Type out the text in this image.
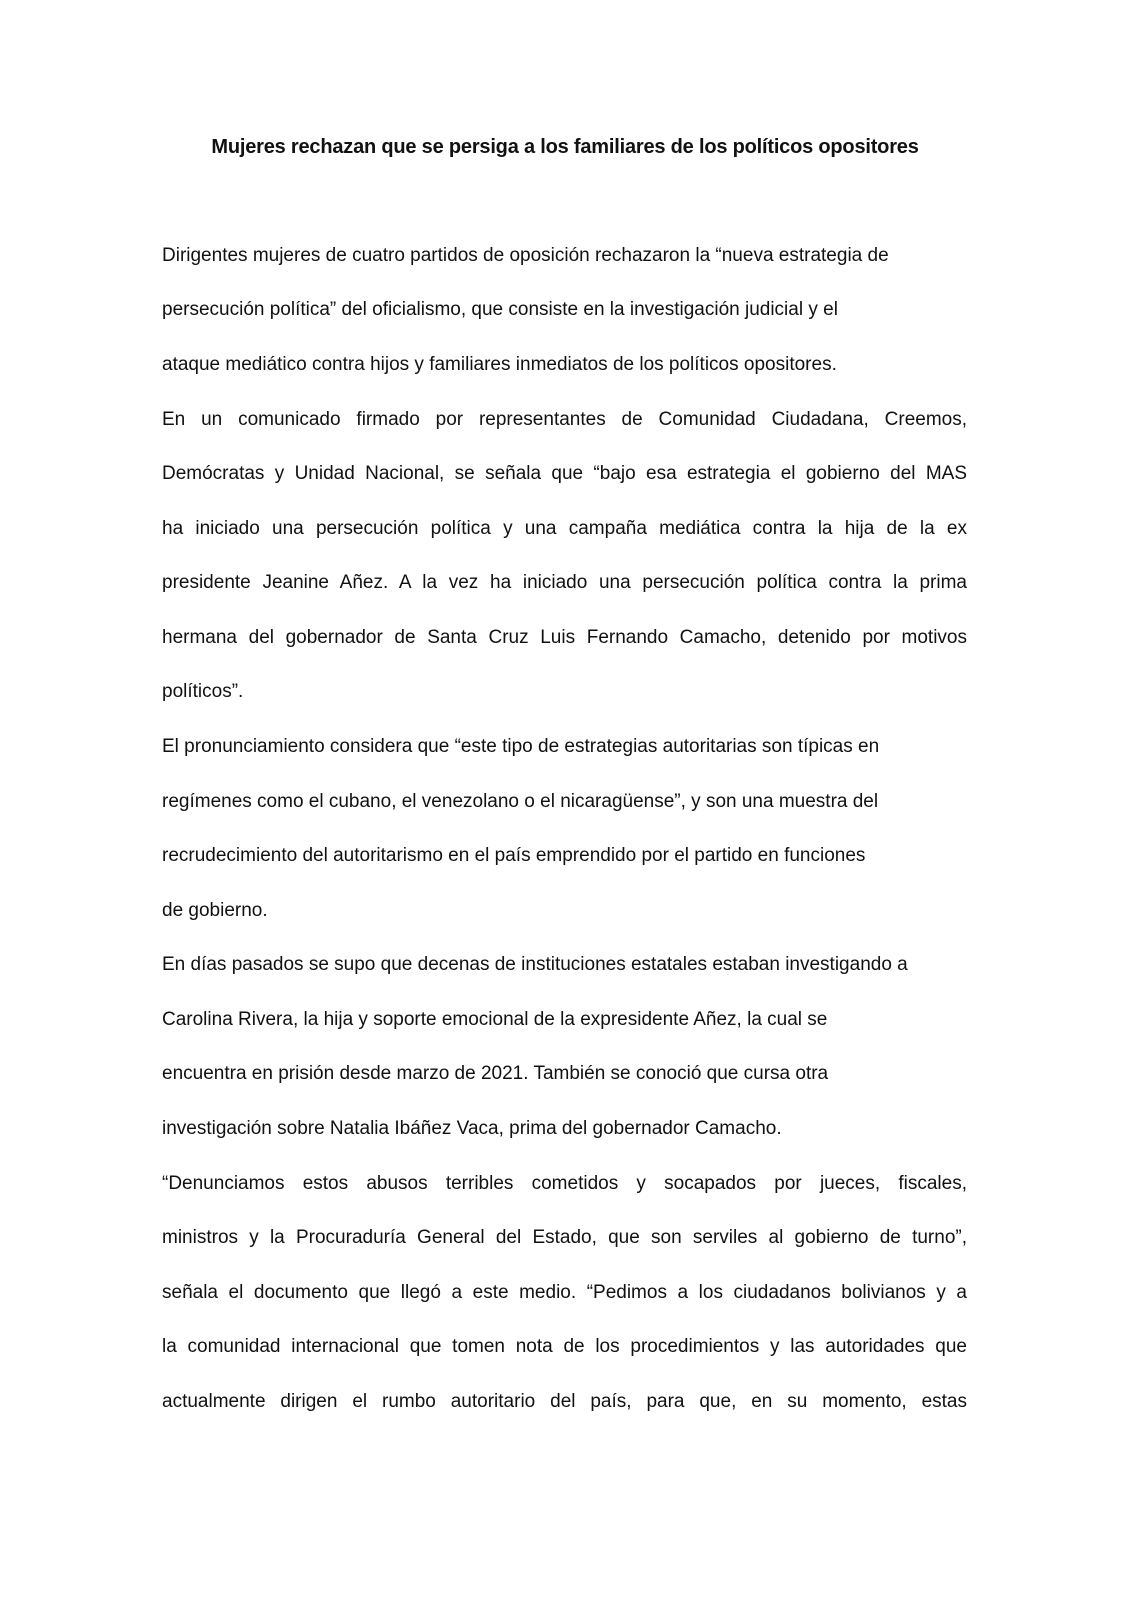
Mujeres rechazan que se persiga a los familiares de los políticos opositores
Dirigentes mujeres de cuatro partidos de oposición rechazaron la “nueva estrategia de
persecución política” del oficialismo, que consiste en la investigación judicial y el
ataque mediático contra hijos y familiares inmediatos de los políticos opositores.
En un comunicado firmado por representantes de Comunidad Ciudadana, Creemos,
Demócratas y Unidad Nacional, se señala que “bajo esa estrategia el gobierno del MAS
ha iniciado una persecución política y una campaña mediática contra la hija de la ex
presidente Jeanine Añez. A la vez ha iniciado una persecución política contra la prima
hermana del gobernador de Santa Cruz Luis Fernando Camacho, detenido por motivos
políticos”.
El pronunciamiento considera que “este tipo de estrategias autoritarias son típicas en
regímenes como el cubano, el venezolano o el nicaragüense”, y son una muestra del
recrudecimiento del autoritarismo en el país emprendido por el partido en funciones
de gobierno.
En días pasados se supo que decenas de instituciones estatales estaban investigando a
Carolina Rivera, la hija y soporte emocional de la expresidente Añez, la cual se
encuentra en prisión desde marzo de 2021. También se conoció que cursa otra
investigación sobre Natalia Ibáñez Vaca, prima del gobernador Camacho.
“Denunciamos estos abusos terribles cometidos y socapados por jueces, fiscales,
ministros y la Procuraduría General del Estado, que son serviles al gobierno de turno”,
señala el documento que llegó a este medio. “Pedimos a los ciudadanos bolivianos y a
la comunidad internacional que tomen nota de los procedimientos y las autoridades que
actualmente dirigen el rumbo autoritario del país, para que, en su momento, estas
